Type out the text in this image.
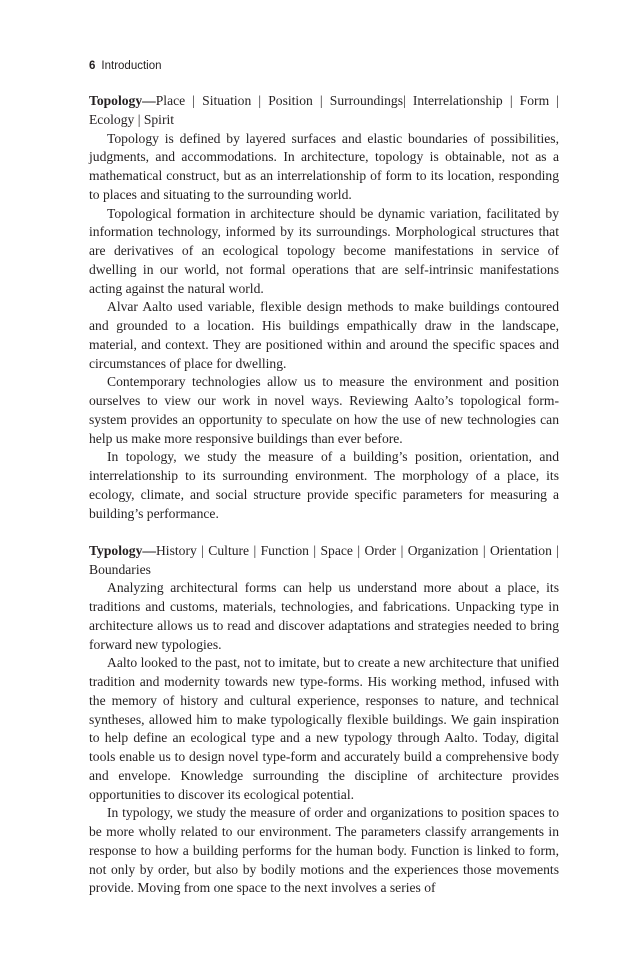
6 Introduction

Topology—Place | Situation | Position | Surroundings| Interrelationship | Form | Ecology | Spirit

Topology is defined by layered surfaces and elastic boundaries of possibilities, judgments, and accommodations. In architecture, topology is obtainable, not as a mathematical construct, but as an interrelationship of form to its location, responding to places and situating to the surrounding world.

Topological formation in architecture should be dynamic variation, facilitated by information technology, informed by its surroundings. Morphological structures that are derivatives of an ecological topology become manifestations in service of dwelling in our world, not formal operations that are self-intrinsic manifestations acting against the natural world.

Alvar Aalto used variable, flexible design methods to make buildings contoured and grounded to a location. His buildings empathically draw in the landscape, material, and context. They are positioned within and around the specific spaces and circumstances of place for dwelling.

Contemporary technologies allow us to measure the environment and position ourselves to view our work in novel ways. Reviewing Aalto’s topological form-system provides an opportunity to speculate on how the use of new technologies can help us make more responsive buildings than ever before.

In topology, we study the measure of a building’s position, orientation, and interrelationship to its surrounding environment. The morphology of a place, its ecology, climate, and social structure provide specific parameters for measuring a building’s performance.

Typology—History | Culture | Function | Space | Order | Organization | Orientation | Boundaries

Analyzing architectural forms can help us understand more about a place, its traditions and customs, materials, technologies, and fabrications. Unpacking type in architecture allows us to read and discover adaptations and strategies needed to bring forward new typologies.

Aalto looked to the past, not to imitate, but to create a new architecture that unified tradition and modernity towards new type-forms. His working method, infused with the memory of history and cultural experience, responses to nature, and technical syntheses, allowed him to make typologically flexible buildings. We gain inspiration to help define an ecological type and a new typology through Aalto. Today, digital tools enable us to design novel type-form and accurately build a comprehensive body and envelope. Knowledge surrounding the discipline of architecture provides opportunities to discover its ecological potential.

In typology, we study the measure of order and organizations to position spaces to be more wholly related to our environment. The parameters classify arrangements in response to how a building performs for the human body. Function is linked to form, not only by order, but also by bodily motions and the experiences those movements provide. Moving from one space to the next involves a series of
